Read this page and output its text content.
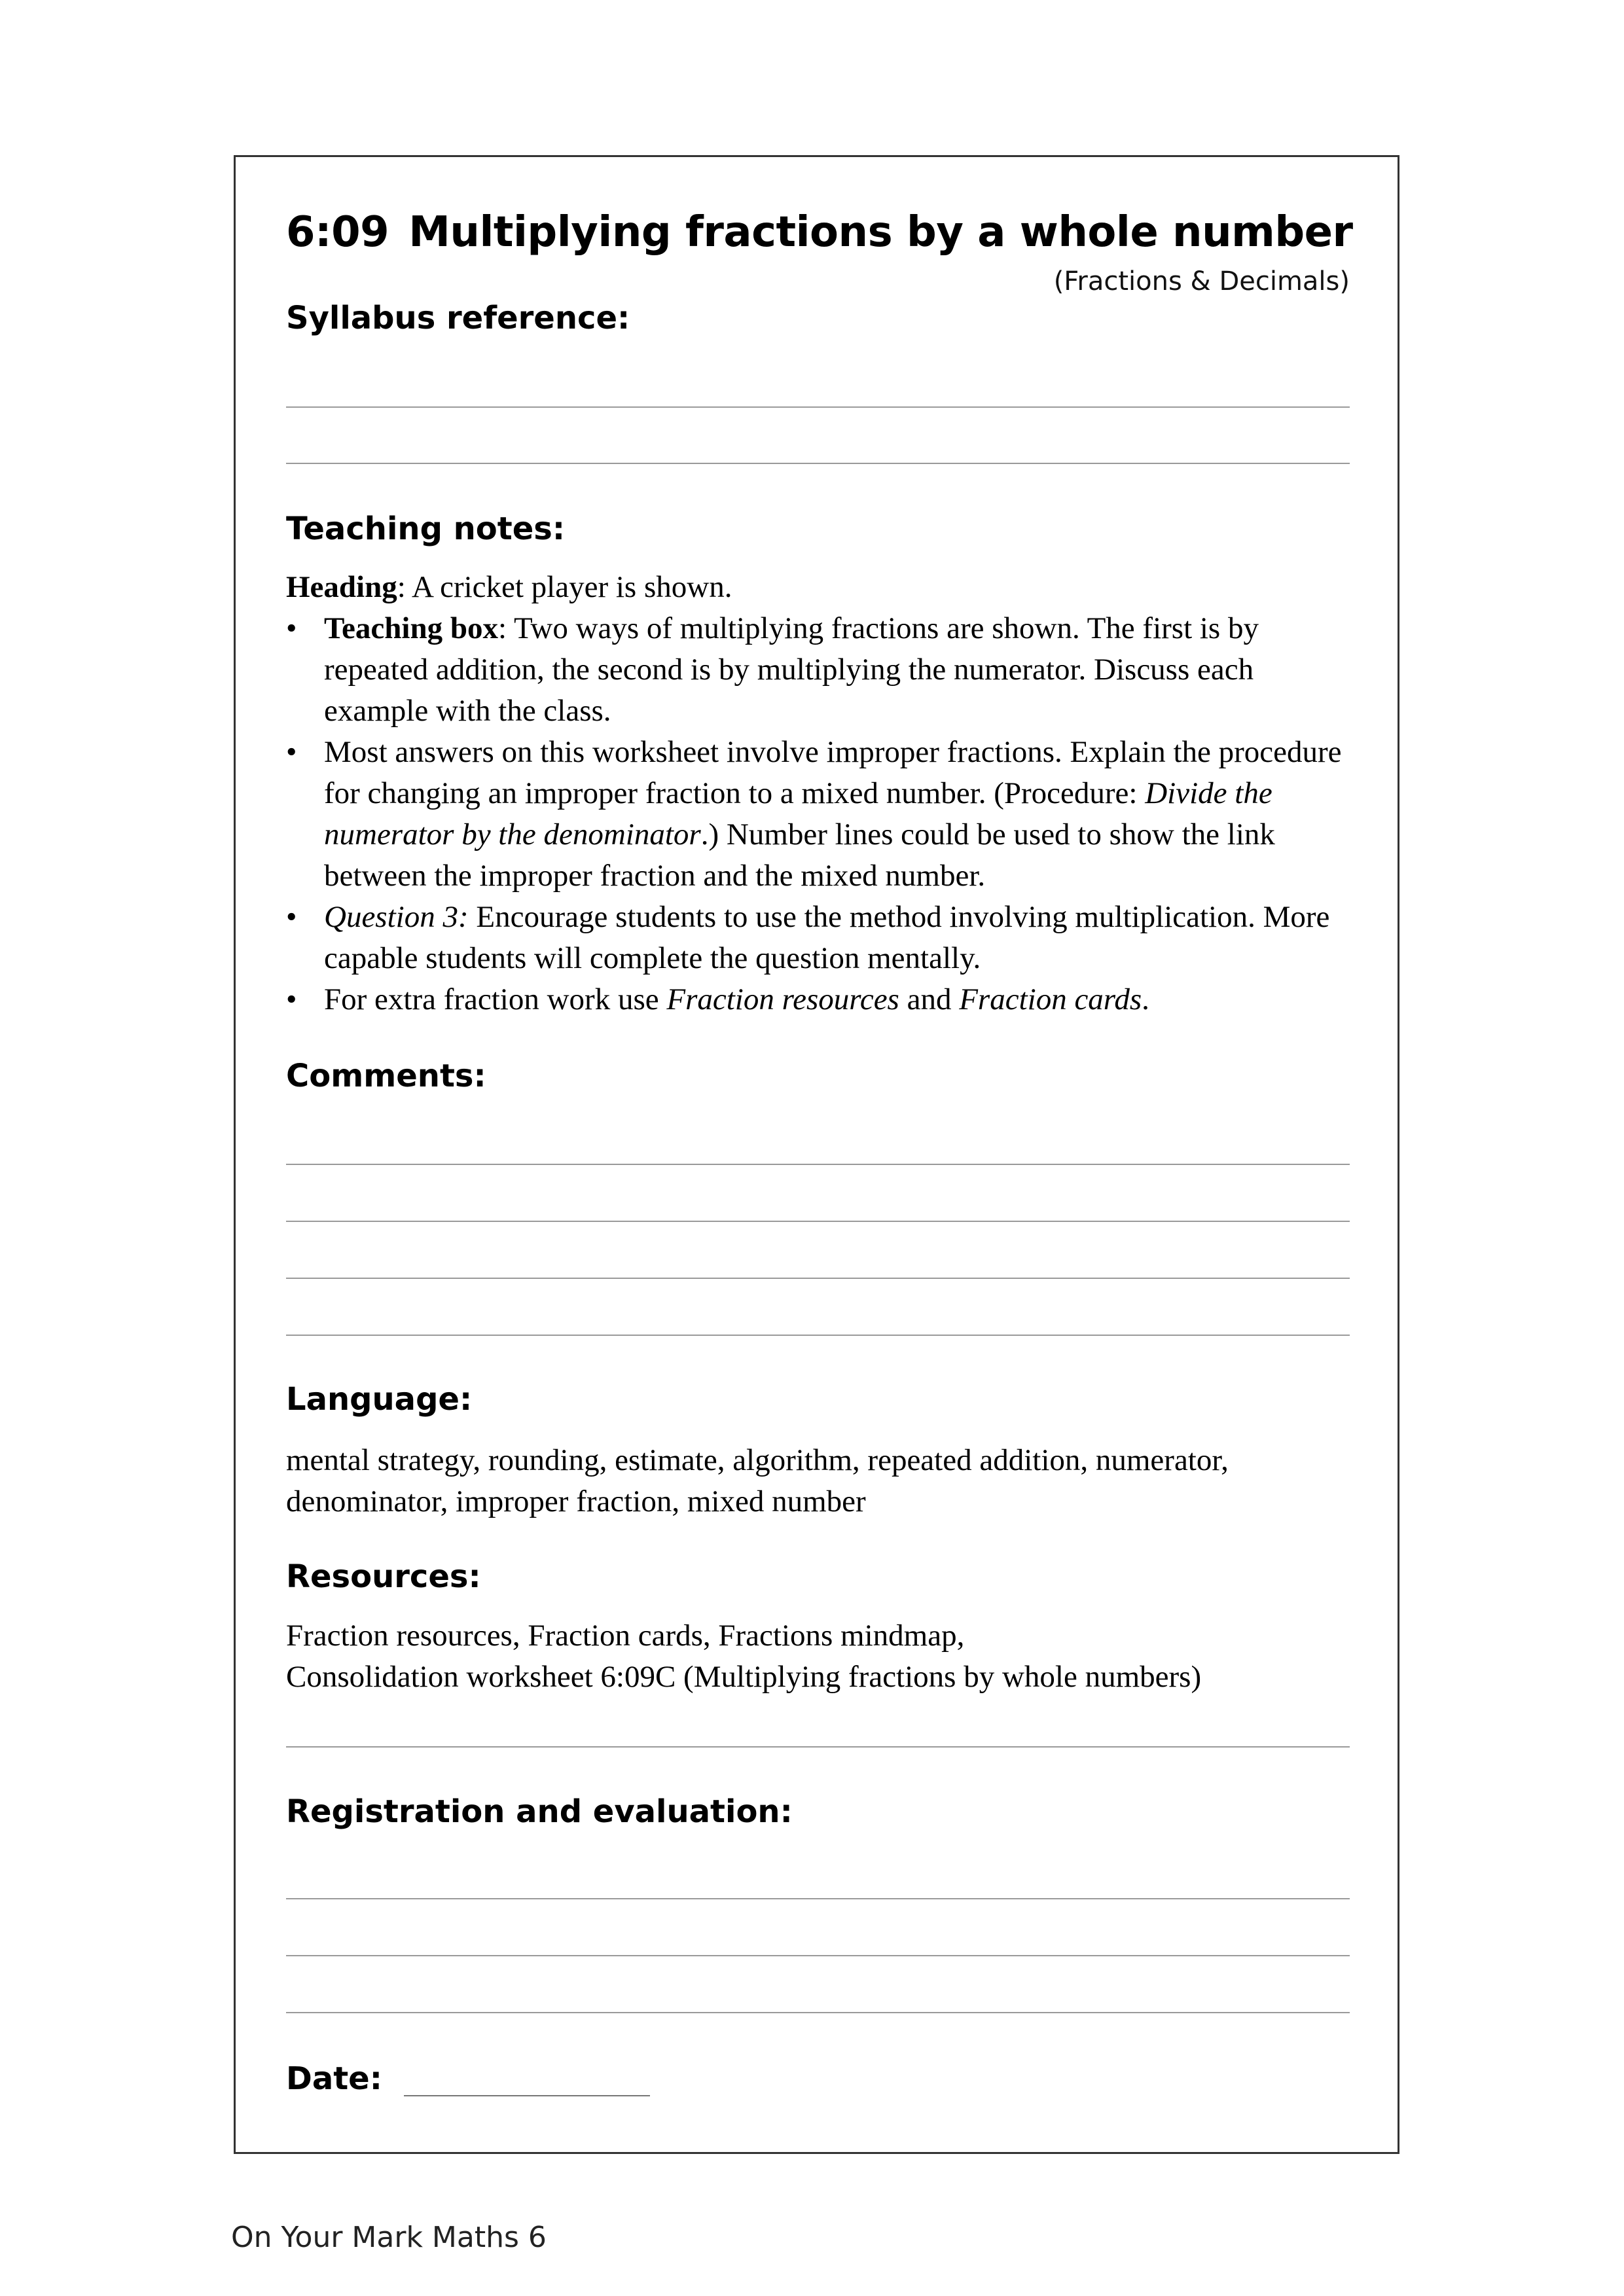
6:09 Multiplying fractions by a whole number
(Fractions & Decimals)
Syllabus reference:
Teaching notes:

Heading: A cricket player is shown.

• Teaching box: Two ways of multiplying fractions are shown. The first is by repeated addition, the second is by multiplying the numerator. Discuss each example with the class.
• Most answers on this worksheet involve improper fractions. Explain the procedure for changing an improper fraction to a mixed number. (Procedure: Divide the numerator by the denominator.) Number lines could be used to show the link between the improper fraction and the mixed number.
• Question 3: Encourage students to use the method involving multiplication. More capable students will complete the question mentally.
• For extra fraction work use Fraction resources and Fraction cards.
Comments:
Language:
mental strategy, rounding, estimate, algorithm, repeated addition, numerator, denominator, improper fraction, mixed number
Resources:
Fraction resources, Fraction cards, Fractions mindmap,
Consolidation worksheet 6:09C (Multiplying fractions by whole numbers)
Registration and evaluation:
Date:
On Your Mark Maths 6
